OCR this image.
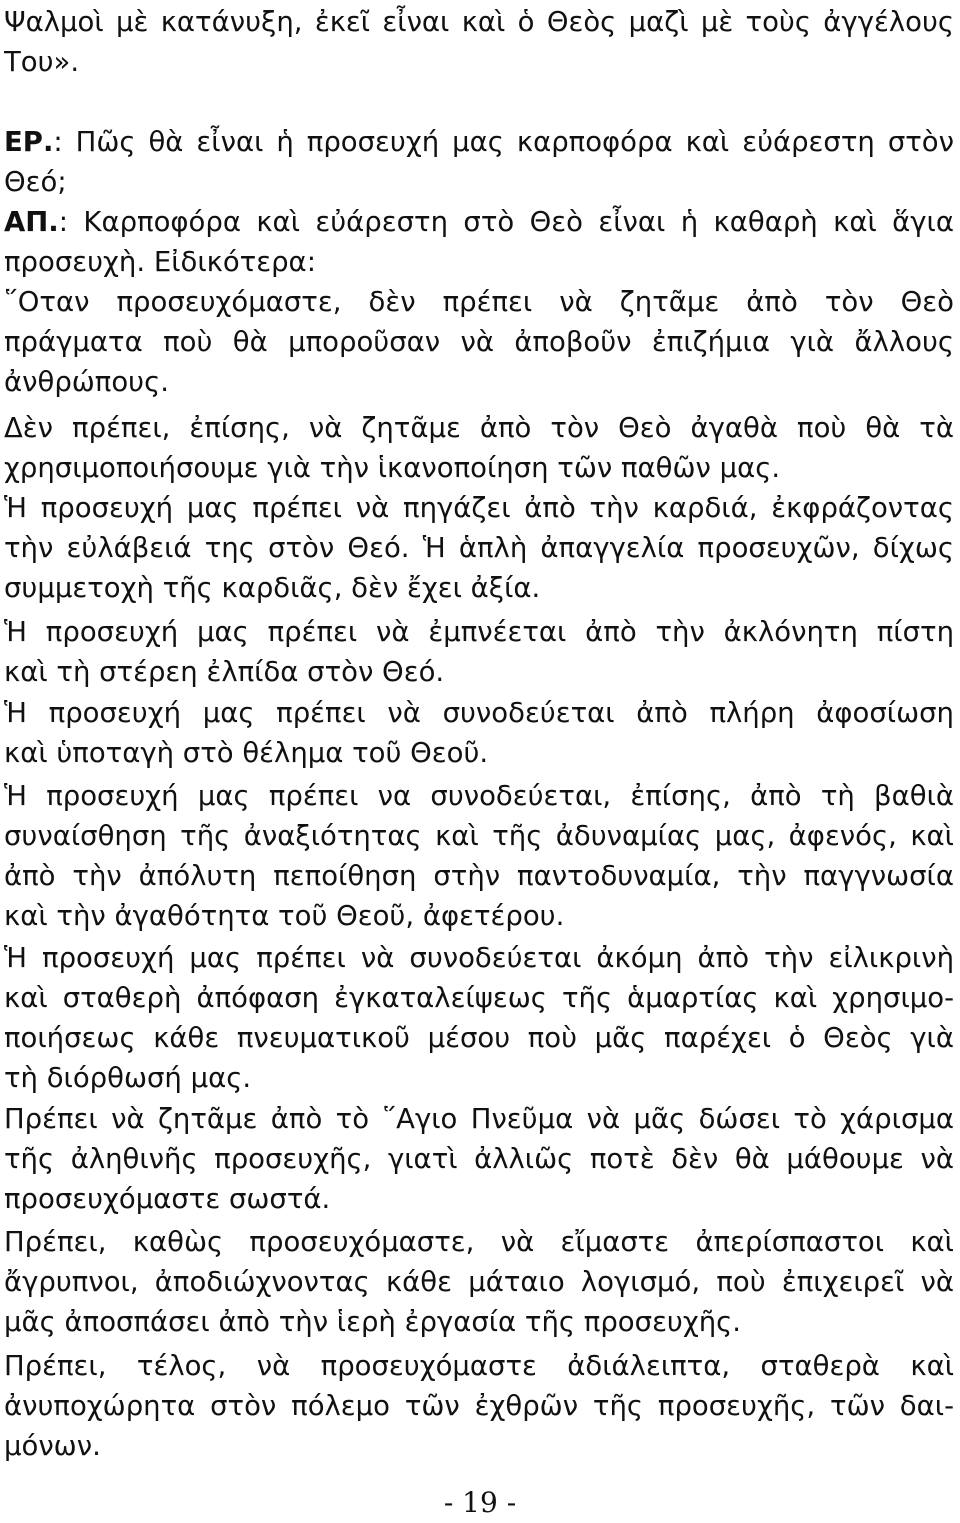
Ψαλμοὶ μὲ κατάνυξη, ἐκεῖ εἶναι καὶ ὁ Θεὸς μαζὶ μὲ τοὺς ἀγγέλους
Του».
ΕΡ.: Πῶς θὰ εἶναι ἡ προσευχή μας καρποφόρα καὶ εὐάρεστη στὸν
Θεό;
ΑΠ.: Καρποφόρα καὶ εὐάρεστη στὸ Θεὸ εἶναι ἡ καθαρὴ καὶ ἅγια
προσευχὴ. Εἰδικότερα:
῞Οταν προσευχόμαστε, δὲν πρέπει νὰ ζητᾶμε ἀπὸ τὸν Θεὸ
πράγματα ποὺ θὰ μποροῦσαν νὰ ἀποβοῦν ἐπιζήμια γιὰ ἄλλους
ἀνθρώπους.
Δὲν πρέπει, ἐπίσης, νὰ ζητᾶμε ἀπὸ τὸν Θεὸ ἀγαθὰ ποὺ θὰ τὰ
χρησιμοποιήσουμε γιὰ τὴν ἱκανοποίηση τῶν παθῶν μας.
Ἡ προσευχή μας πρέπει νὰ πηγάζει ἀπὸ τὴν καρδιά, ἐκφράζοντας
τὴν εὐλάβειά της στὸν Θεό. Ἡ ἁπλὴ ἀπαγγελία προσευχῶν, δίχως
συμμετοχὴ τῆς καρδιᾶς, δὲν ἔχει ἀξία.
Ἡ προσευχή μας πρέπει νὰ ἐμπνέεται ἀπὸ τὴν ἀκλόνητη πίστη
καὶ τὴ στέρεη ἐλπίδα στὸν Θεό.
Ἡ προσευχή μας πρέπει νὰ συνοδεύεται ἀπὸ πλήρη ἀφοσίωση
καὶ ὑποταγὴ στὸ θέλημα τοῦ Θεοῦ.
Ἡ προσευχή μας πρέπει να συνοδεύεται, ἐπίσης, ἀπὸ τὴ βαθιὰ
συναίσθηση τῆς ἀναξιότητας καὶ τῆς ἀδυναμίας μας, ἀφενός, καὶ
ἀπὸ τὴν ἀπόλυτη πεποίθηση στὴν παντοδυναμία, τὴν παγγνωσία
καὶ τὴν ἀγαθότητα τοῦ Θεοῦ, ἀφετέρου.
Ἡ προσευχή μας πρέπει νὰ συνοδεύεται ἀκόμη ἀπὸ τὴν εἰλικρινὴ
καὶ σταθερὴ ἀπόφαση ἐγκαταλείψεως τῆς ἁμαρτίας καὶ χρησιμο-
ποιήσεως κάθε πνευματικοῦ μέσου ποὺ μᾶς παρέχει ὁ Θεὸς γιὰ
τὴ διόρθωσή μας.
Πρέπει νὰ ζητᾶμε ἀπὸ τὸ ῞Αγιο Πνεῦμα νὰ μᾶς δώσει τὸ χάρισμα
τῆς ἀληθινῆς προσευχῆς, γιατὶ ἀλλιῶς ποτὲ δὲν θὰ μάθουμε νὰ
προσευχόμαστε σωστά.
Πρέπει, καθὼς προσευχόμαστε, νὰ εἴμαστε ἀπερίσπαστοι καὶ
ἄγρυπνοι, ἀποδιώχνοντας κάθε μάταιο λογισμό, ποὺ ἐπιχειρεῖ νὰ
μᾶς ἀποσπάσει ἀπὸ τὴν ἱερὴ ἐργασία τῆς προσευχῆς.
Πρέπει, τέλος, νὰ προσευχόμαστε ἀδιάλειπτα, σταθερὰ καὶ
ἀνυποχώρητα στὸν πόλεμο τῶν ἐχθρῶν τῆς προσευχῆς, τῶν δαι-
μόνων.
- 19 -
